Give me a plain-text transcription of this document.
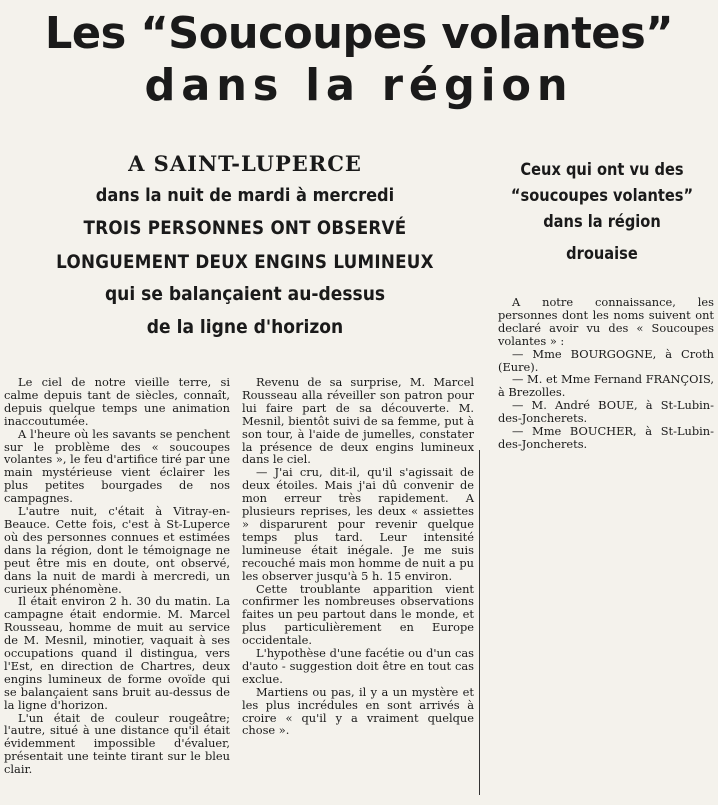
Les “Soucoupes volantes”
dans la région
A SAINT-LUPERCE
dans la nuit de mardi à mercredi
TROIS PERSONNES ONT OBSERVÉ
LONGUEMENT DEUX ENGINS LUMINEUX
qui se balançaient au-dessus
de la ligne d'horizon

Le ciel de notre vieille terre, si calme depuis tant de siècles, connaît, depuis quelque temps une animation inaccoutumée.

A l'heure où les savants se penchent sur le problème des « soucoupes volantes », le feu d'artifice tiré par une main mystérieuse vient éclairer les plus petites bourgades de nos campagnes.

L'autre nuit, c'était à Vitray-en-Beauce. Cette fois, c'est à St-Luperce où des personnes connues et estimées dans la région, dont le témoignage ne peut être mis en doute, ont observé, dans la nuit de mardi à mercredi, un curieux phénomène.

Il était environ 2 h. 30 du matin. La campagne était endormie. M. Marcel Rousseau, homme de muit au service de M. Mesnil, minotier, vaquait à ses occupations quand il distingua, vers l'Est, en direction de Chartres, deux engins lumineux de forme ovoïde qui se balançaient sans bruit au-dessus de la ligne d'horizon.

L'un était de couleur rougeâtre; l'autre, situé à une distance qu'il était évidemment impossible d'évaluer, présentait une teinte tirant sur le bleu clair.

Revenu de sa surprise, M. Marcel Rousseau alla réveiller son patron pour lui faire part de sa découverte. M. Mesnil, bientôt suivi de sa femme, put à son tour, à l'aide de jumelles, constater la présence de deux engins lumineux dans le ciel.

— J'ai cru, dit-il, qu'il s'agissait de deux étoiles. Mais j'ai dû convenir de mon erreur très rapidement. A plusieurs reprises, les deux « assiettes » disparurent pour revenir quelque temps plus tard. Leur intensité lumineuse était inégale. Je me suis recouché mais mon homme de nuit a pu les observer jusqu'à 5 h. 15 environ.

Cette troublante apparition vient confirmer les nombreuses observations faites un peu partout dans le monde, et plus particulièrement en Europe occidentale.

L'hypothèse d'une facétie ou d'un cas d'auto - suggestion doit être en tout cas exclue.

Martiens ou pas, il y a un mystère et les plus incrédules en sont arrivés à croire « qu'il y a vraiment quelque chose ».

Ceux qui ont vu des
“soucoupes volantes”
dans la région
drouaise

A notre connaissance, les personnes dont les noms suivent ont declaré avoir vu des « Soucoupes volantes » :

— Mme BOURGOGNE, à Croth (Eure).

— M. et Mme Fernand FRANÇOIS, à Brezolles.

— M. André BOUE, à St-Lubin-des-Joncherets.

— Mme BOUCHER, à St-Lubin-des-Joncherets.
